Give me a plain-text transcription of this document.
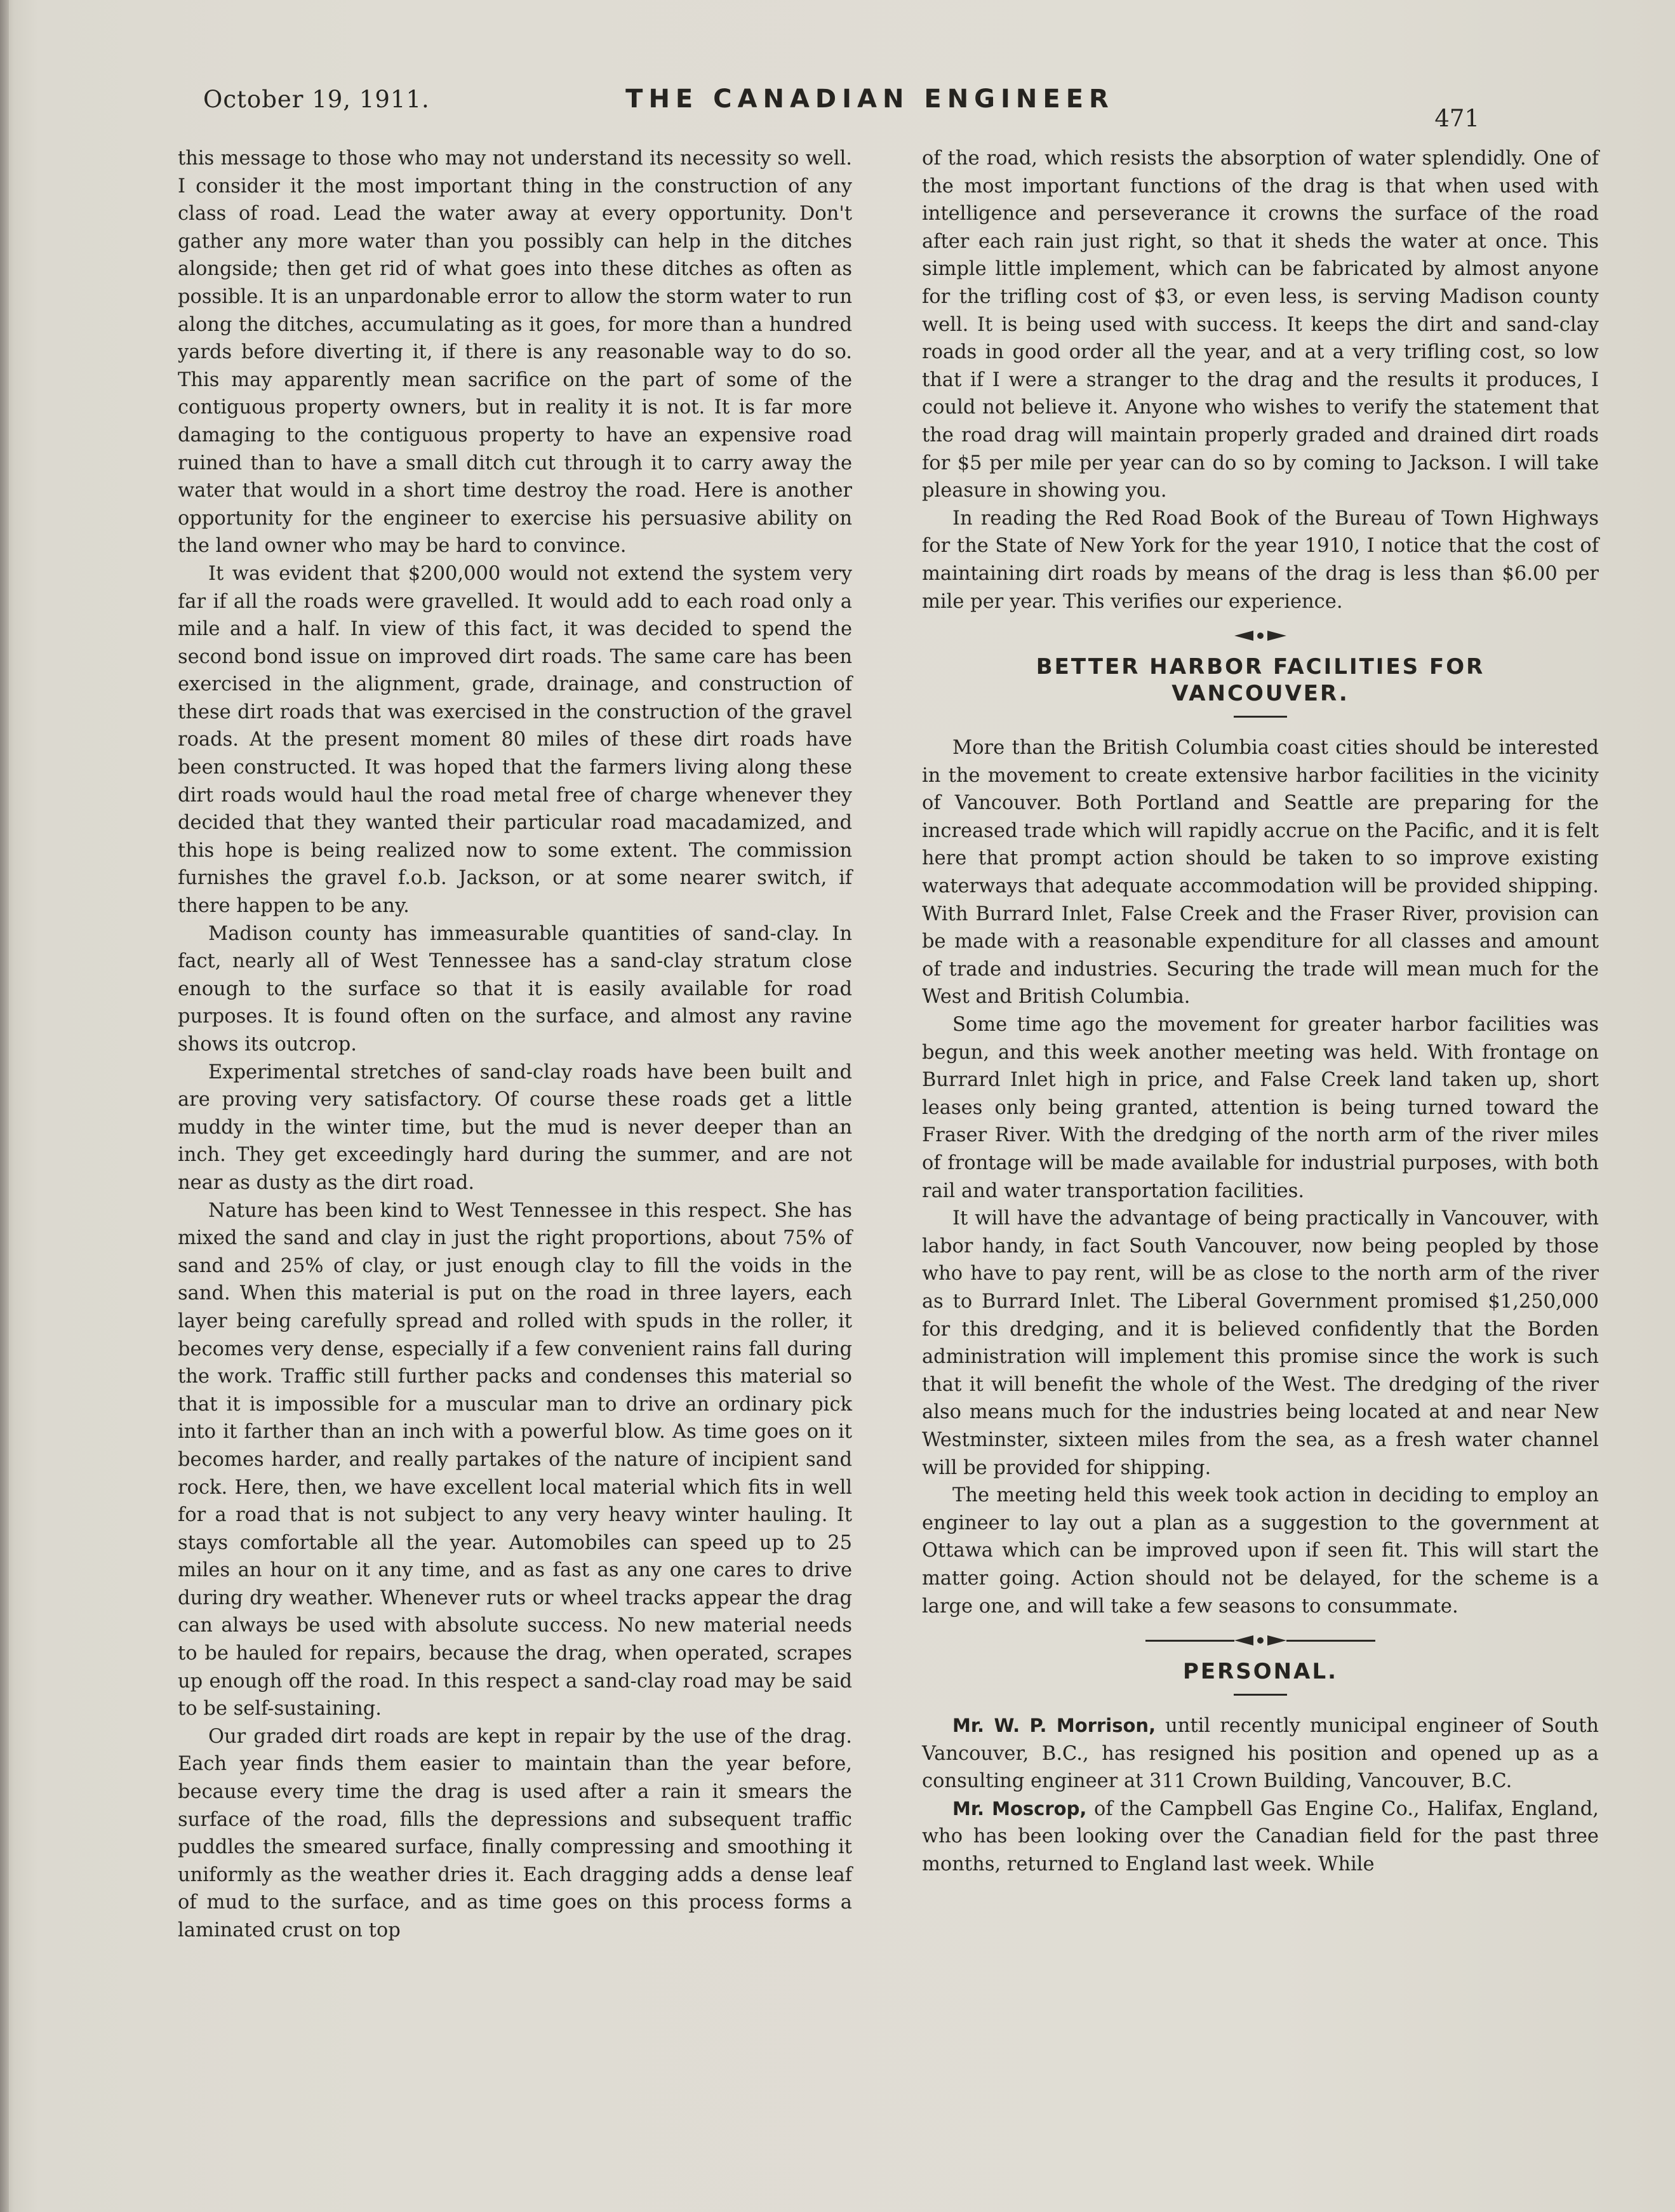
October 19, 1911.	THE CANADIAN ENGINEER
471

this message to those who may not understand its necessity so well. I consider it the most important thing in the construction of any class of road. Lead the water away at every opportunity. Don't gather any more water than you possibly can help in the ditches alongside; then get rid of what goes into these ditches as often as possible. It is an unpardonable error to allow the storm water to run along the ditches, accumulating as it goes, for more than a hundred yards before diverting it, if there is any reasonable way to do so. This may apparently mean sacrifice on the part of some of the contiguous property owners, but in reality it is not. It is far more damaging to the contiguous property to have an expensive road ruined than to have a small ditch cut through it to carry away the water that would in a short time destroy the road. Here is another opportunity for the engineer to exercise his persuasive ability on the land owner who may be hard to convince.

It was evident that $200,000 would not extend the system very far if all the roads were gravelled. It would add to each road only a mile and a half. In view of this fact, it was decided to spend the second bond issue on improved dirt roads. The same care has been exercised in the alignment, grade, drainage, and construction of these dirt roads that was exercised in the construction of the gravel roads. At the present moment 80 miles of these dirt roads have been constructed. It was hoped that the farmers living along these dirt roads would haul the road metal free of charge whenever they decided that they wanted their particular road macadamized, and this hope is being realized now to some extent. The commission furnishes the gravel f.o.b. Jackson, or at some nearer switch, if there happen to be any.

Madison county has immeasurable quantities of sand-clay. In fact, nearly all of West Tennessee has a sand-clay stratum close enough to the surface so that it is easily available for road purposes. It is found often on the surface, and almost any ravine shows its outcrop.

Experimental stretches of sand-clay roads have been built and are proving very satisfactory. Of course these roads get a little muddy in the winter time, but the mud is never deeper than an inch. They get exceedingly hard during the summer, and are not near as dusty as the dirt road.

Nature has been kind to West Tennessee in this respect. She has mixed the sand and clay in just the right proportions, about 75% of sand and 25% of clay, or just enough clay to fill the voids in the sand. When this material is put on the road in three layers, each layer being carefully spread and rolled with spuds in the roller, it becomes very dense, especially if a few convenient rains fall during the work. Traffic still further packs and condenses this material so that it is impossible for a muscular man to drive an ordinary pick into it farther than an inch with a powerful blow. As time goes on it becomes harder, and really partakes of the nature of incipient sand rock. Here, then, we have excellent local material which fits in well for a road that is not subject to any very heavy winter hauling. It stays comfortable all the year. Automobiles can speed up to 25 miles an hour on it any time, and as fast as any one cares to drive during dry weather. Whenever ruts or wheel tracks appear the drag can always be used with absolute success. No new material needs to be hauled for repairs, because the drag, when operated, scrapes up enough off the road. In this respect a sand-clay road may be said to be self-sustaining.

Our graded dirt roads are kept in repair by the use of the drag. Each year finds them easier to maintain than the year before, because every time the drag is used after a rain it smears the surface of the road, fills the depressions and subsequent traffic puddles the smeared surface, finally compressing and smoothing it uniformly as the weather dries it. Each dragging adds a dense leaf of mud to the surface, and as time goes on this process forms a laminated crust on top

of the road, which resists the absorption of water splendidly. One of the most important functions of the drag is that when used with intelligence and perseverance it crowns the surface of the road after each rain just right, so that it sheds the water at once. This simple little implement, which can be fabricated by almost anyone for the trifling cost of $3, or even less, is serving Madison county well. It is being used with success. It keeps the dirt and sand-clay roads in good order all the year, and at a very trifling cost, so low that if I were a stranger to the drag and the results it produces, I could not believe it. Anyone who wishes to verify the statement that the road drag will maintain properly graded and drained dirt roads for $5 per mile per year can do so by coming to Jackson. I will take pleasure in showing you.

In reading the Red Road Book of the Bureau of Town Highways for the State of New York for the year 1910, I notice that the cost of maintaining dirt roads by means of the drag is less than $6.00 per mile per year. This verifies our experience.

BETTER HARBOR FACILITIES FOR
VANCOUVER.

More than the British Columbia coast cities should be interested in the movement to create extensive harbor facilities in the vicinity of Vancouver. Both Portland and Seattle are preparing for the increased trade which will rapidly accrue on the Pacific, and it is felt here that prompt action should be taken to so improve existing waterways that adequate accommodation will be provided shipping. With Burrard Inlet, False Creek and the Fraser River, provision can be made with a reasonable expenditure for all classes and amount of trade and industries. Securing the trade will mean much for the West and British Columbia.

Some time ago the movement for greater harbor facilities was begun, and this week another meeting was held. With frontage on Burrard Inlet high in price, and False Creek land taken up, short leases only being granted, attention is being turned toward the Fraser River. With the dredging of the north arm of the river miles of frontage will be made available for industrial purposes, with both rail and water transportation facilities.

It will have the advantage of being practically in Vancouver, with labor handy, in fact South Vancouver, now being peopled by those who have to pay rent, will be as close to the north arm of the river as to Burrard Inlet. The Liberal Government promised $1,250,000 for this dredging, and it is believed confidently that the Borden administration will implement this promise since the work is such that it will benefit the whole of the West. The dredging of the river also means much for the industries being located at and near New Westminster, sixteen miles from the sea, as a fresh water channel will be provided for shipping.

The meeting held this week took action in deciding to employ an engineer to lay out a plan as a suggestion to the government at Ottawa which can be improved upon if seen fit. This will start the matter going. Action should not be delayed, for the scheme is a large one, and will take a few seasons to consummate.

PERSONAL.

Mr. W. P. Morrison, until recently municipal engineer of South Vancouver, B.C., has resigned his position and opened up as a consulting engineer at 311 Crown Building, Vancouver, B.C.

Mr. Moscrop, of the Campbell Gas Engine Co., Halifax, England, who has been looking over the Canadian field for the past three months, returned to England last week. While
